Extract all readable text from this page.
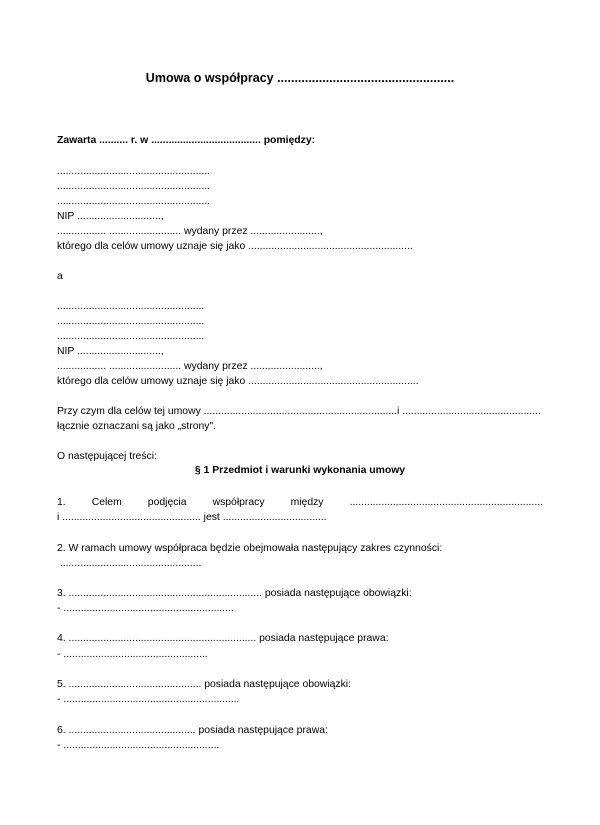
Umowa o współpracy ...................................................
Zawarta .......... r. w ...................................... pomiędzy:
.....................................................
.....................................................
.....................................................
NIP .............................,
................. ......................... wydany przez ........................,
którego dla celów umowy uznaje się jako .........................................................
a
...................................................
...................................................
...................................................
NIP .............................,
................. ......................... wydany przez ........................,
którego dla celów umowy uznaje się jako ...........................................................
Przy czym dla celów tej umowy ................................................................... i ................................................
łącznie oznaczani są jako „strony".
O następującej treści:
§ 1 Przedmiot i warunki wykonania umowy
1.	Celem	podjęcia	współpracy	między	...................................................................
i ................................................ jest ....................................
2. W ramach umowy współpraca będzie obejmowała następujący zakres czynności:
.................................................
3. ................................................................... posiada następujące obowiązki:
- ...........................................................
4. ................................................................. posiada następujące prawa:
- ..................................................
5. .............................................. posiada następujące obowiązki:
- .............................................................
6. ............................................ posiada następujące prawa:
- ......................................................
